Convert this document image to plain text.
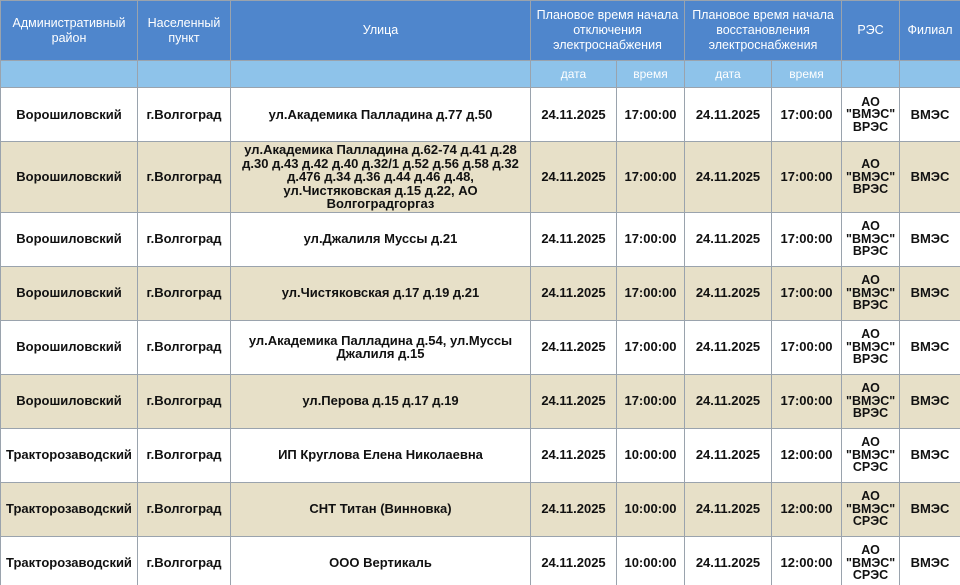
Административный район	Населенный пункт	Улица	Плановое время начала отключения электроснабжения		Плановое время начала восстановления электроснабжения		РЭС	Филиал
			дата	время	дата	время		
Ворошиловский	г.Волгоград	ул.Академика Палладина д.77 д.50	24.11.2025	17:00:00	24.11.2025	17:00:00	АО "ВМЭС" ВРЭС	ВМЭС
Ворошиловский	г.Волгоград	ул.Академика Палладина д.62-74 д.41 д.28 д.30 д.43 д.42 д.40 д.32/1 д.52 д.56 д.58 д.32 д.476 д.34 д.36 д.44 д.46 д.48, ул.Чистяковская д.15 д.22, АО Волгоградгоргаз	24.11.2025	17:00:00	24.11.2025	17:00:00	АО "ВМЭС" ВРЭС	ВМЭС
Ворошиловский	г.Волгоград	ул.Джалиля Муссы д.21	24.11.2025	17:00:00	24.11.2025	17:00:00	АО "ВМЭС" ВРЭС	ВМЭС
Ворошиловский	г.Волгоград	ул.Чистяковская д.17 д.19 д.21	24.11.2025	17:00:00	24.11.2025	17:00:00	АО "ВМЭС" ВРЭС	ВМЭС
Ворошиловский	г.Волгоград	ул.Академика Палладина д.54, ул.Муссы Джалиля д.15	24.11.2025	17:00:00	24.11.2025	17:00:00	АО "ВМЭС" ВРЭС	ВМЭС
Ворошиловский	г.Волгоград	ул.Перова д.15 д.17 д.19	24.11.2025	17:00:00	24.11.2025	17:00:00	АО "ВМЭС" ВРЭС	ВМЭС
Тракторозаводский	г.Волгоград	ИП Круглова Елена Николаевна	24.11.2025	10:00:00	24.11.2025	12:00:00	АО "ВМЭС" СРЭС	ВМЭС
Тракторозаводский	г.Волгоград	СНТ Титан (Винновка)	24.11.2025	10:00:00	24.11.2025	12:00:00	АО "ВМЭС" СРЭС	ВМЭС
Тракторозаводский	г.Волгоград	ООО Вертикаль	24.11.2025	10:00:00	24.11.2025	12:00:00	АО "ВМЭС" СРЭС	ВМЭС
